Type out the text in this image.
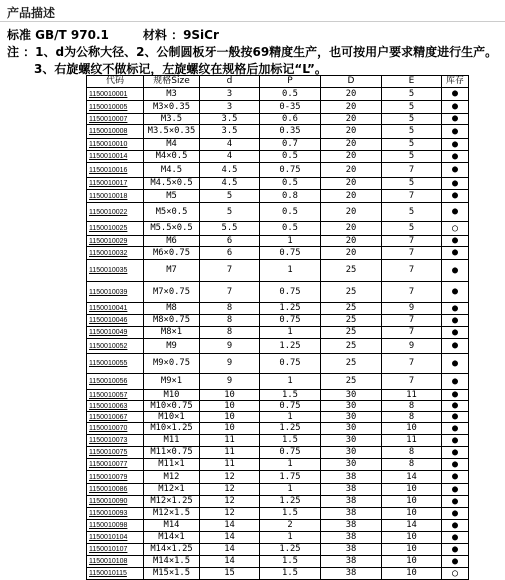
产品描述
标准 GB/T 970.1	材料 ：9SiCr
注 ：1、d为公称大径、2、公制圆板牙一般按69精度生产，也可按用户要求精度进行生产。
3、右旋螺纹不做标记，左旋螺纹在规格后加标记“L”。
代码	规格Size	d	P	D	E	库存
1150010001	M3	3	0.5	20	5	●
1150010005	M3×0.35	3	0-35	20	5	●
1150010007	M3.5	3.5	0.6	20	5	●
1150010008	M3.5×0.35	3.5	0.35	20	5	●
1150010010	M4	4	0.7	20	5	●
1150010014	M4×0.5	4	0.5	20	5	●
1150010016	M4.5	4.5	0.75	20	7	●
1150010017	M4.5×0.5	4.5	0.5	20	5	●
1150010018	M5	5	0.8	20	7	●
1150010022	M5×0.5	5	0.5	20	5	●
1150010025	M5.5×0.5	5.5	0.5	20	5	○
1150010029	M6	6	1	20	7	●
1150010032	M6×0.75	6	0.75	20	7	●
1150010035	M7	7	1	25	7	●
1150010039	M7×0.75	7	0.75	25	7	●
1150010041	M8	8	1.25	25	9	●
1150010046	M8×0.75	8	0.75	25	7	●
1150010049	M8×1	8	1	25	7	●
1150010052	M9	9	1.25	25	9	●
1150010055	M9×0.75	9	0.75	25	7	●
1150010056	M9×1	9	1	25	7	●
1150010057	M10	10	1.5	30	11	●
1150010063	M10×0.75	10	0.75	30	8	●
1150010067	M10×1	10	1	30	8	●
1150010070	M10×1.25	10	1.25	30	10	●
1150010073	M11	11	1.5	30	11	●
1150010075	M11×0.75	11	0.75	30	8	●
1150010077	M11×1	11	1	30	8	●
1150010079	M12	12	1.75	38	14	●
1150010086	M12×1	12	1	38	10	●
1150010090	M12×1.25	12	1.25	38	10	●
1150010093	M12×1.5	12	1.5	38	10	●
1150010098	M14	14	2	38	14	●
1150010104	M14×1	14	1	38	10	●
1150010107	M14×1.25	14	1.25	38	10	●
1150010108	M14×1.5	14	1.5	38	10	●
1150010115	M15×1.5	15	1.5	38	10	○
